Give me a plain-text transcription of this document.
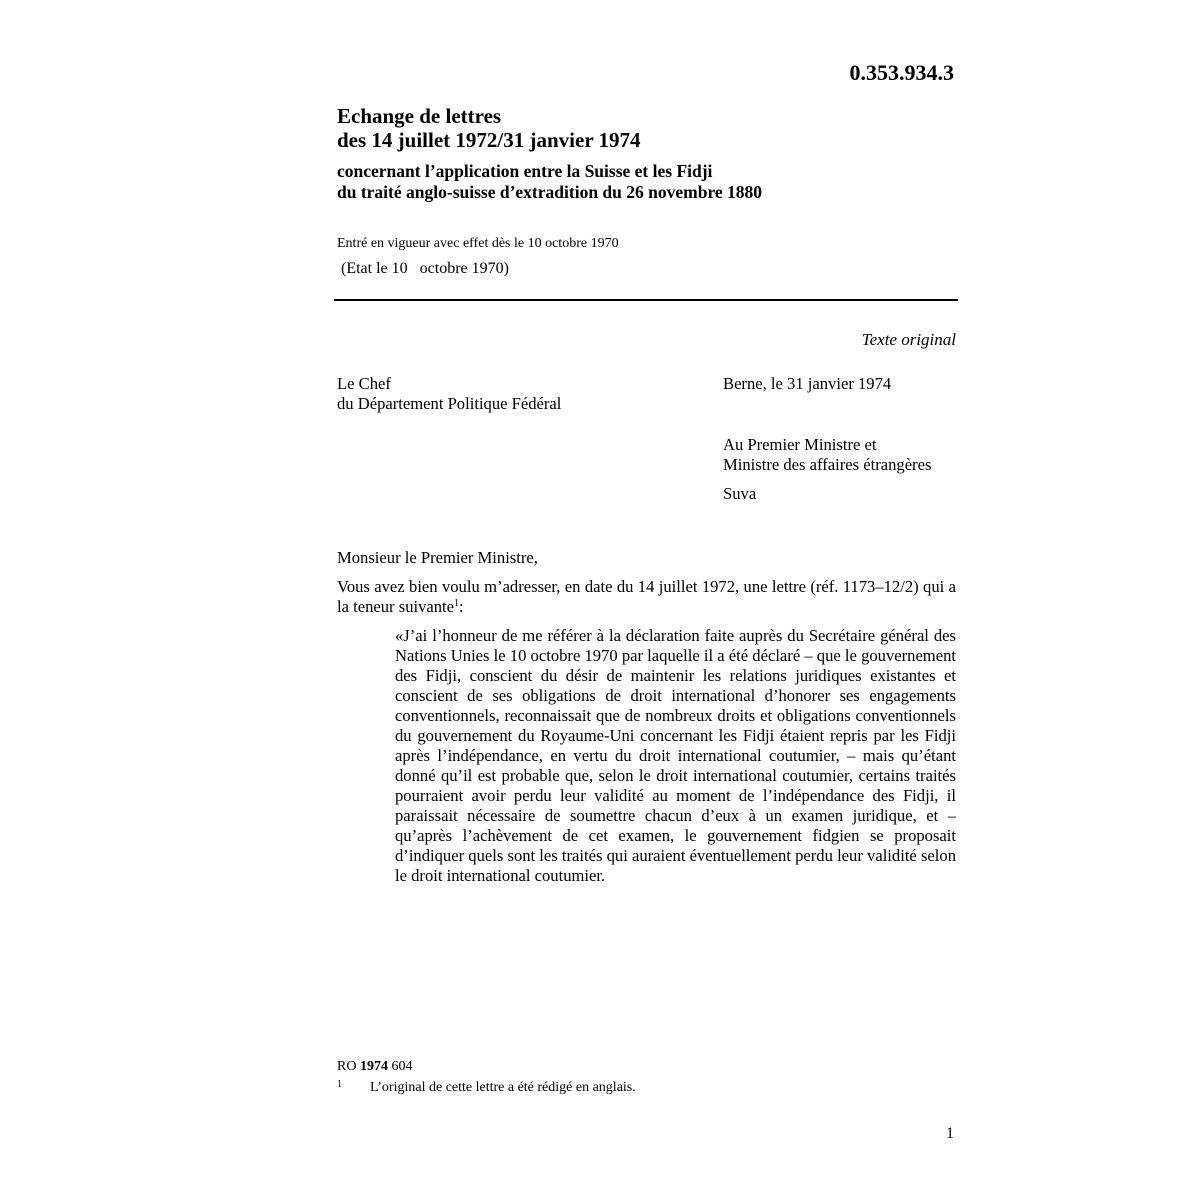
0.353.934.3
Echange de lettres
des 14 juillet 1972/31 janvier 1974
concernant l’application entre la Suisse et les Fidji
du traité anglo-suisse d’extradition du 26 novembre 1880
Entré en vigueur avec effet dès le 10 octobre 1970
(Etat le 10   octobre 1970)
Texte original
Le Chef
du Département Politique Fédéral
Berne, le 31 janvier 1974
Au Premier Ministre et
Ministre des affaires étrangères
Suva
Monsieur le Premier Ministre,
Vous avez bien voulu m’adresser, en date du 14 juillet 1972, une lettre (réf. 1173–12/2) qui a la teneur suivante$^1$:
«J’ai l’honneur de me référer à la déclaration faite auprès du Secrétaire général des Nations Unies le 10 octobre 1970 par laquelle il a été déclaré – que le gouvernement des Fidji, conscient du désir de maintenir les relations juridiques existantes et conscient de ses obligations de droit international d’honorer ses engagements conventionnels, reconnaissait que de nombreux droits et obligations conventionnels du gouvernement du Royaume-Uni concernant les Fidji étaient repris par les Fidji après l’indépendance, en vertu du droit international coutumier, – mais qu’étant donné qu’il est probable que, selon le droit international coutumier, certains traités pourraient avoir perdu leur validité au moment de l’indépendance des Fidji, il paraissait nécessaire de soumettre chacun d’eux à un examen juridique, et – qu’après l’achèvement de cet examen, le gouvernement fidgien se proposait d’indiquer quels sont les traités qui auraient éventuellement perdu leur validité selon le droit international coutumier.
RO 1974 604
1 L’original de cette lettre a été rédigé en anglais.
1
